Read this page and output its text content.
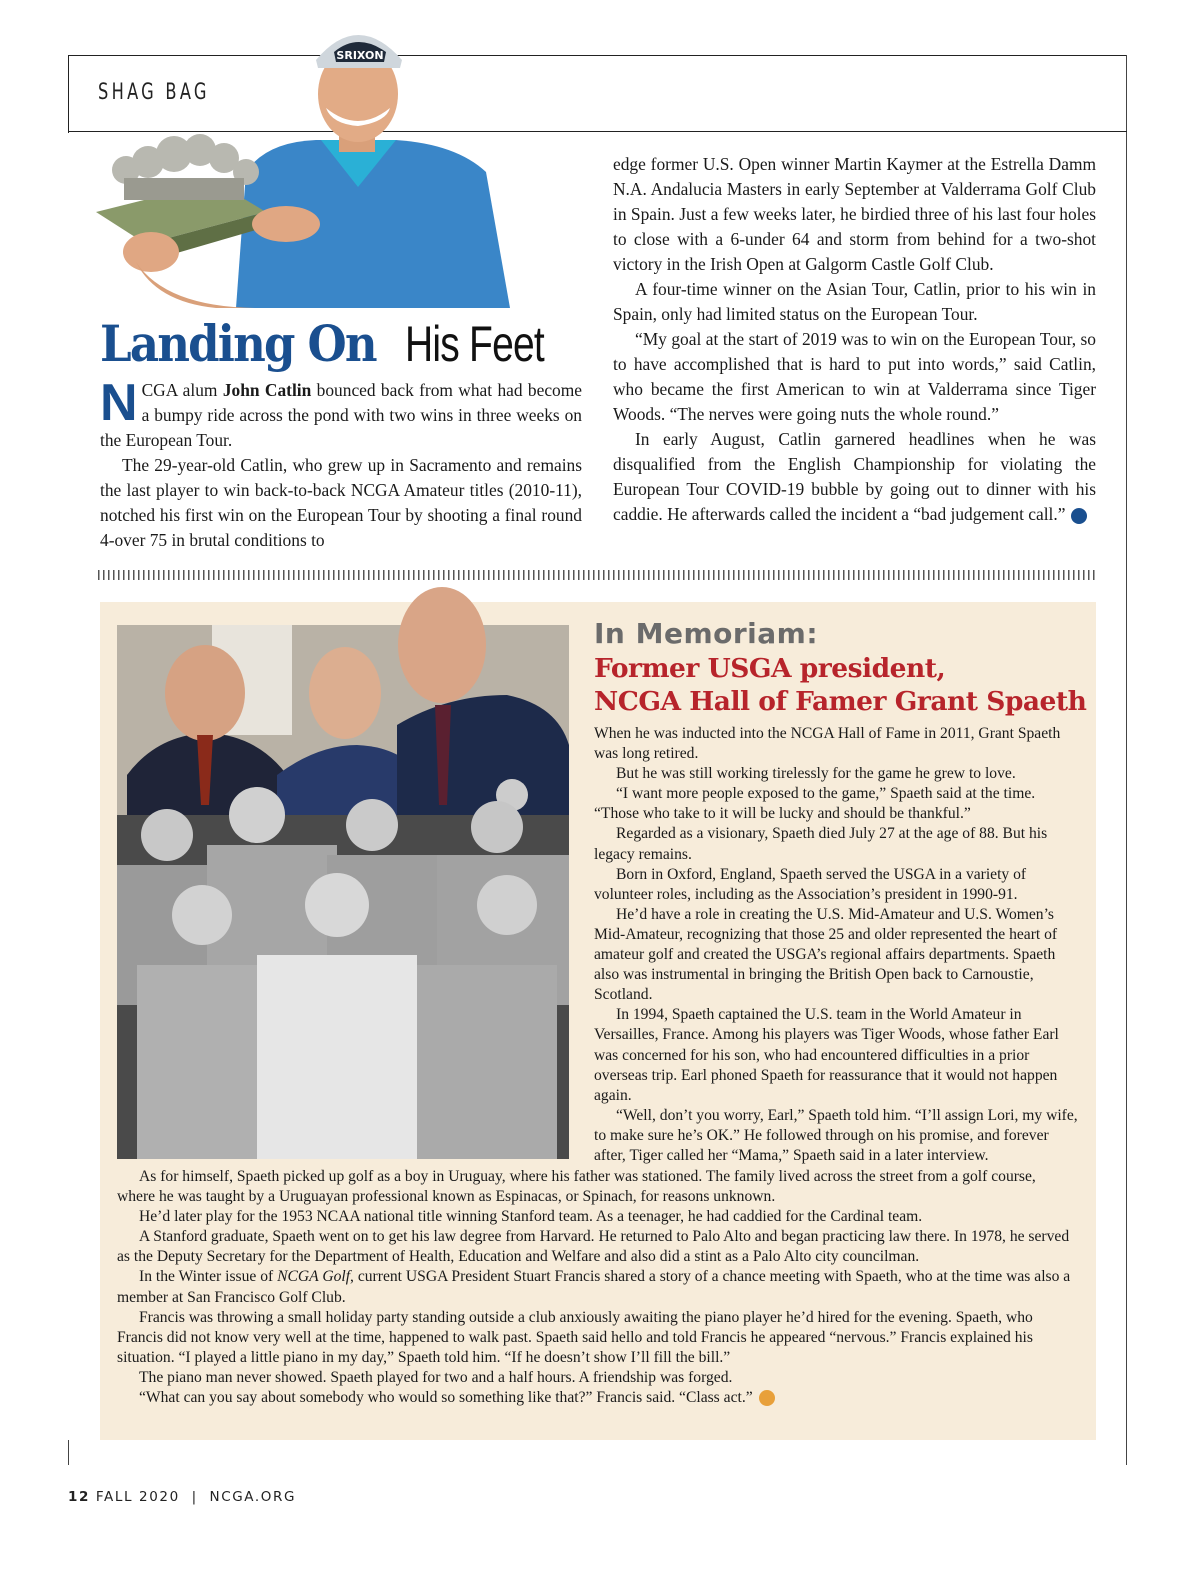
SHAG BAG
SRIXON
Landing On His Feet

NCGA alum John Catlin bounced back from what had become a bumpy ride across the pond with two wins in three weeks on the European Tour.

The 29-year-old Catlin, who grew up in Sacramento and remains the last player to win back-to-back NCGA Amateur titles (2010-11), notched his first win on the European Tour by shooting a final round 4-over 75 in brutal conditions to

edge former U.S. Open winner Martin Kaymer at the Estrella Damm N.A. Andalucia Masters in early September at Valderrama Golf Club in Spain. Just a few weeks later, he birdied three of his last four holes to close with a 6-under 64 and storm from behind for a two-shot victory in the Irish Open at Galgorm Castle Golf Club.

A four-time winner on the Asian Tour, Catlin, prior to his win in Spain, only had limited status on the European Tour.

“My goal at the start of 2019 was to win on the European Tour, so to have accomplished that is hard to put into words,” said Catlin, who became the first American to win at Valderrama since Tiger Woods. “The nerves were going nuts the whole round.”

In early August, Catlin garnered headlines when he was disqualified from the English Championship for violating the European Tour COVID-19 bubble by going out to dinner with his caddie. He afterwards called the incident a “bad judgement call.”

In Memoriam:
Former USGA president,
NCGA Hall of Famer Grant Spaeth

When he was inducted into the NCGA Hall of Fame in 2011, Grant Spaeth was long retired.

But he was still working tirelessly for the game he grew to love.

“I want more people exposed to the game,” Spaeth said at the time. “Those who take to it will be lucky and should be thankful.”

Regarded as a visionary, Spaeth died July 27 at the age of 88. But his legacy remains.

Born in Oxford, England, Spaeth served the USGA in a variety of volunteer roles, including as the Association’s president in 1990-91.

He’d have a role in creating the U.S. Mid-Amateur and U.S. Women’s Mid-Amateur, recognizing that those 25 and older represented the heart of amateur golf and created the USGA’s regional affairs departments. Spaeth also was instrumental in bringing the British Open back to Carnoustie, Scotland.

In 1994, Spaeth captained the U.S. team in the World Amateur in Versailles, France. Among his players was Tiger Woods, whose father Earl was concerned for his son, who had encountered difficulties in a prior overseas trip. Earl phoned Spaeth for reassurance that it would not happen again.

“Well, don’t you worry, Earl,” Spaeth told him. “I’ll assign Lori, my wife, to make sure he’s OK.” He followed through on his promise, and forever after, Tiger called her “Mama,” Spaeth said in a later interview.

As for himself, Spaeth picked up golf as a boy in Uruguay, where his father was stationed. The family lived across the street from a golf course, where he was taught by a Uruguayan professional known as Espinacas, or Spinach, for reasons unknown.

He’d later play for the 1953 NCAA national title winning Stanford team. As a teenager, he had caddied for the Cardinal team.

A Stanford graduate, Spaeth went on to get his law degree from Harvard. He returned to Palo Alto and began practicing law there. In 1978, he served as the Deputy Secretary for the Department of Health, Education and Welfare and also did a stint as a Palo Alto city councilman.

In the Winter issue of NCGA Golf, current USGA President Stuart Francis shared a story of a chance meeting with Spaeth, who at the time was also a member at San Francisco Golf Club.

Francis was throwing a small holiday party standing outside a club anxiously awaiting the piano player he’d hired for the evening. Spaeth, who Francis did not know very well at the time, happened to walk past. Spaeth said hello and told Francis he appeared “nervous.” Francis explained his situation. “I played a little piano in my day,” Spaeth told him. “If he doesn’t show I’ll fill the bill.”

The piano man never showed. Spaeth played for two and a half hours. A friendship was forged.

“What can you say about somebody who would so something like that?” Francis said. “Class act.”

12 FALL 2020 | NCGA.ORG
